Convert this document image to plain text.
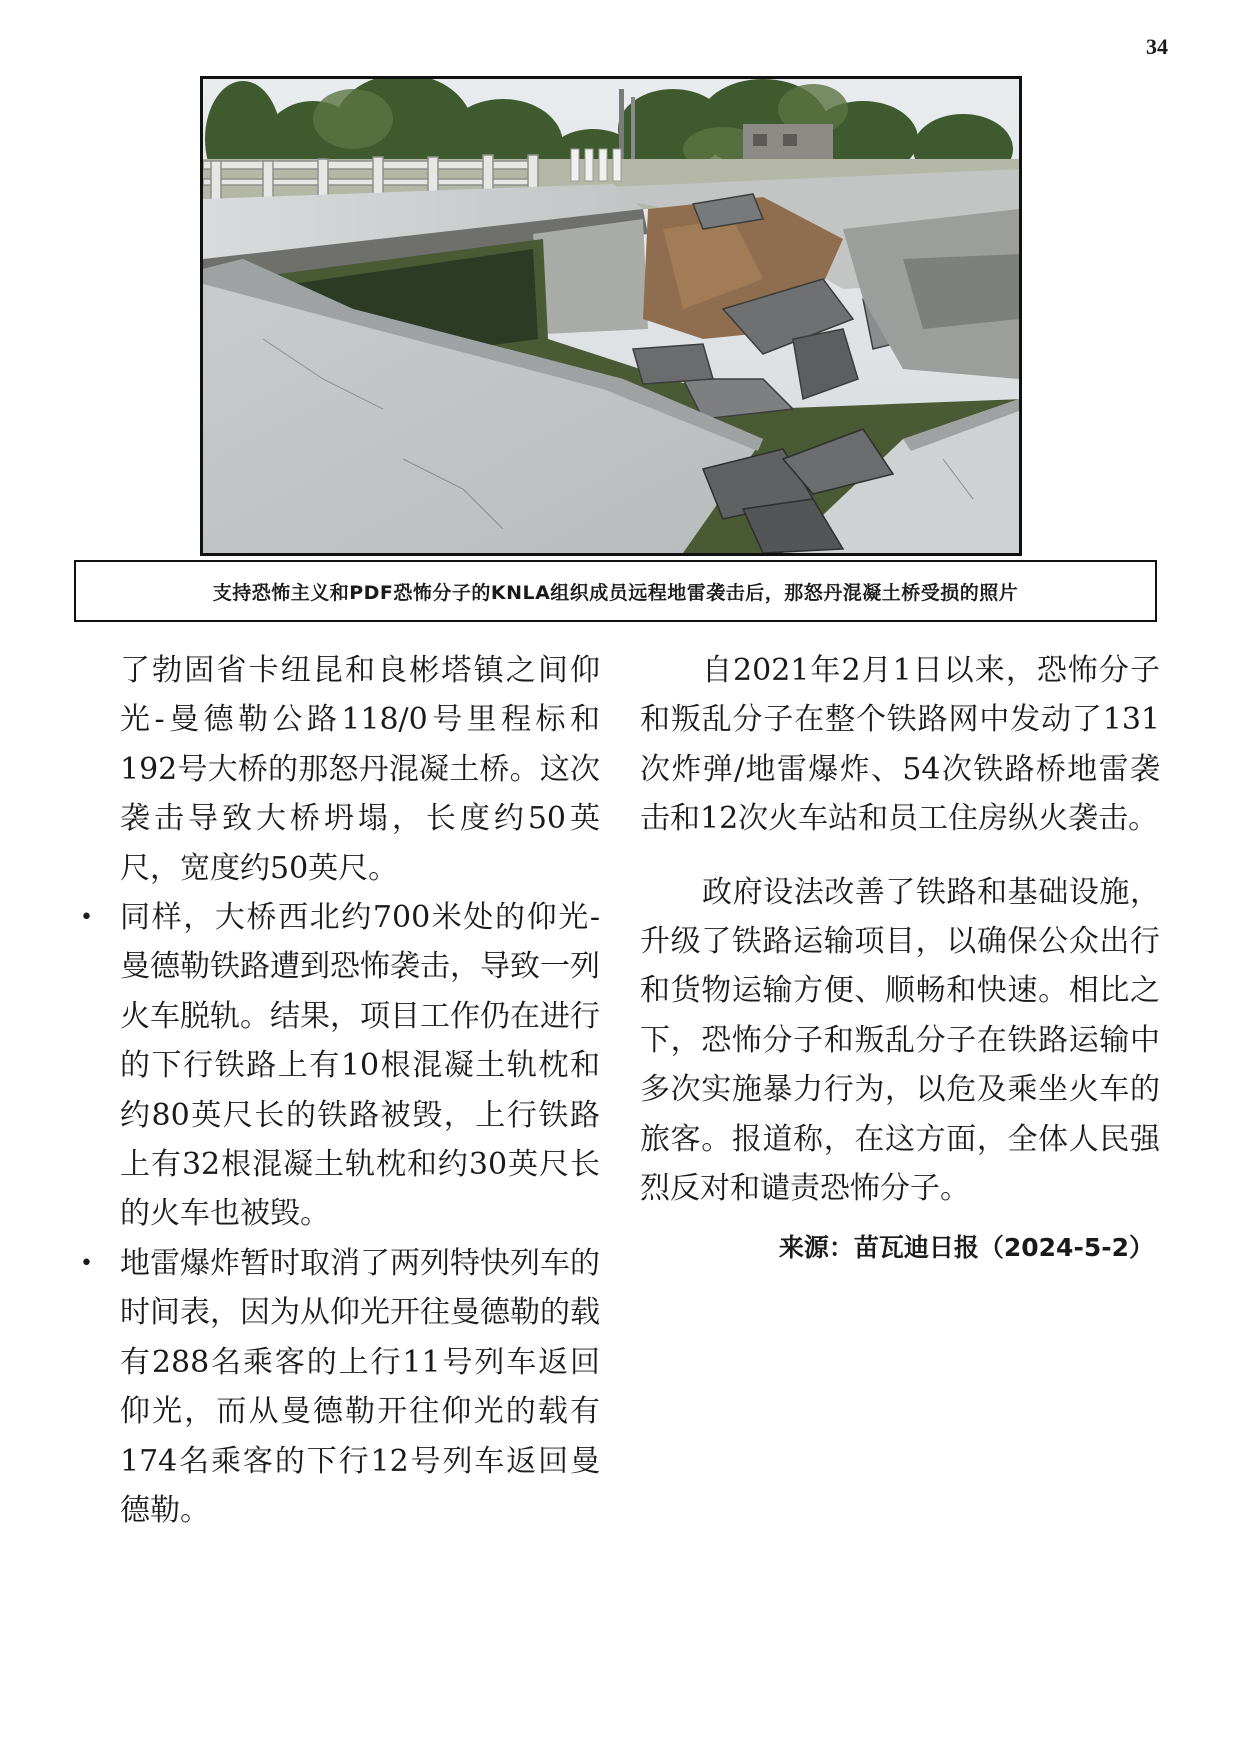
34
支持恐怖主义和PDF恐怖分子的KNLA组织成员远程地雷袭击后，那怒丹混凝土桥受损的照片

了勃固省卡纽昆和良彬塔镇之间仰光-曼德勒公路118/0号里程标和192号大桥的那怒丹混凝土桥。这次袭击导致大桥坍塌，长度约50英尺，宽度约50英尺。

• 同样，大桥西北约700米处的仰光-曼德勒铁路遭到恐怖袭击，导致一列火车脱轨。结果，项目工作仍在进行的下行铁路上有10根混凝土轨枕和约80英尺长的铁路被毁，上行铁路上有32根混凝土轨枕和约30英尺长的火车也被毁。

• 地雷爆炸暂时取消了两列特快列车的时间表，因为从仰光开往曼德勒的载有288名乘客的上行11号列车返回仰光，而从曼德勒开往仰光的载有174名乘客的下行12号列车返回曼德勒。

自2021年2月1日以来，恐怖分子和叛乱分子在整个铁路网中发动了131次炸弹/地雷爆炸、54次铁路桥地雷袭击和12次火车站和员工住房纵火袭击。

政府设法改善了铁路和基础设施，升级了铁路运输项目，以确保公众出行和货物运输方便、顺畅和快速。相比之下，恐怖分子和叛乱分子在铁路运输中多次实施暴力行为，以危及乘坐火车的旅客。报道称，在这方面，全体人民强烈反对和谴责恐怖分子。

来源：苗瓦迪日报（2024-5-2）
